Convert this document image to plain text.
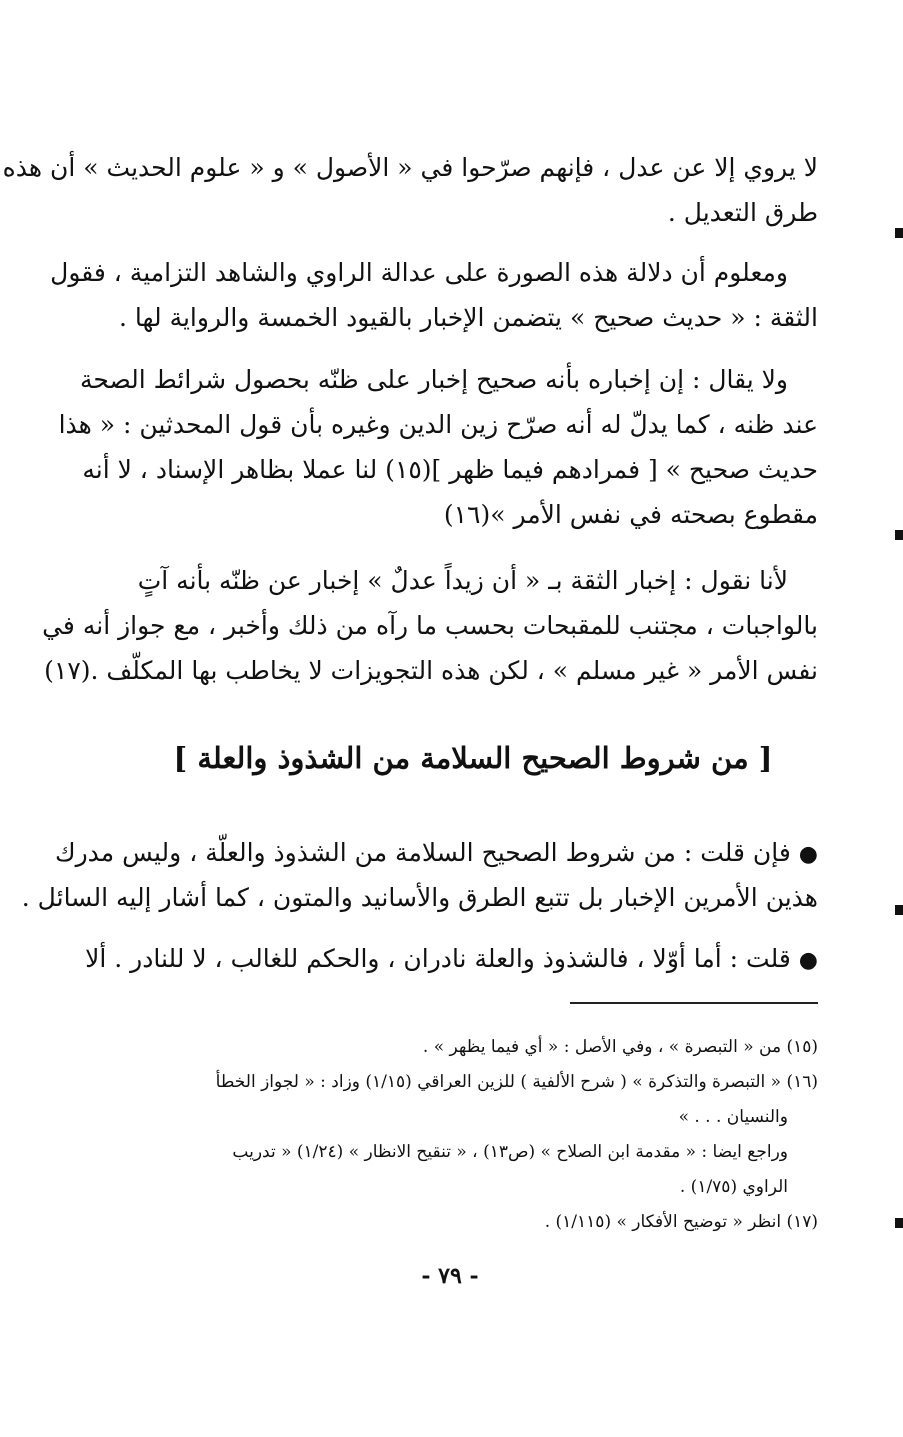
لا يروي إلا عن عدل ، فإنهم صرّحوا في « الأصول » و « علوم الحديث » أن هذه
طرق التعديل .
ومعلوم أن دلالة هذه الصورة على عدالة الراوي والشاهد التزامية ، فقول
الثقة : « حديث صحيح » يتضمن الإخبار بالقيود الخمسة والرواية لها .
ولا يقال : إن إخباره بأنه صحيح إخبار على ظنّه بحصول شرائط الصحة
عند ظنه ، كما يدلّ له أنه صرّح زين الدين وغيره بأن قول المحدثين : « هذا
حديث صحيح » [ فمرادهم فيما ظهر ](١٥) لنا عملا بظاهر الإسناد ، لا أنه
مقطوع بصحته في نفس الأمر »(١٦)
لأنا نقول : إخبار الثقة بـ « أن زيداً عدلٌ » إخبار عن ظنّه بأنه آتٍ
بالواجبات ، مجتنب للمقبحات بحسب ما رآه من ذلك وأخبر ، مع جواز أنه في
نفس الأمر « غير مسلم » ، لكن هذه التجويزات لا يخاطب بها المكلّف .(١٧)
[ من شروط الصحيح السلامة من الشذوذ والعلة ]
● فإن قلت : من شروط الصحيح السلامة من الشذوذ والعلّة ، وليس مدرك
هذين الأمرين الإخبار بل تتبع الطرق والأسانيد والمتون ، كما أشار إليه السائل .
● قلت : أما أوّلا ، فالشذوذ والعلة نادران ، والحكم للغالب ، لا للنادر . ألا
(١٥) من « التبصرة » ، وفي الأصل : « أي فيما يظهر » .
(١٦) « التبصرة والتذكرة » ( شرح الألفية ) للزين العراقي (١/١٥) وزاد : « لجواز الخطأ
والنسيان . . . »
وراجع ايضا : « مقدمة ابن الصلاح » (ص١٣) ، « تنقيح الانظار » (١/٢٤) « تدريب
الراوي (١/٧٥) .
(١٧) انظر « توضيح الأفكار » (١/١١٥) .
- ٧٩ -
